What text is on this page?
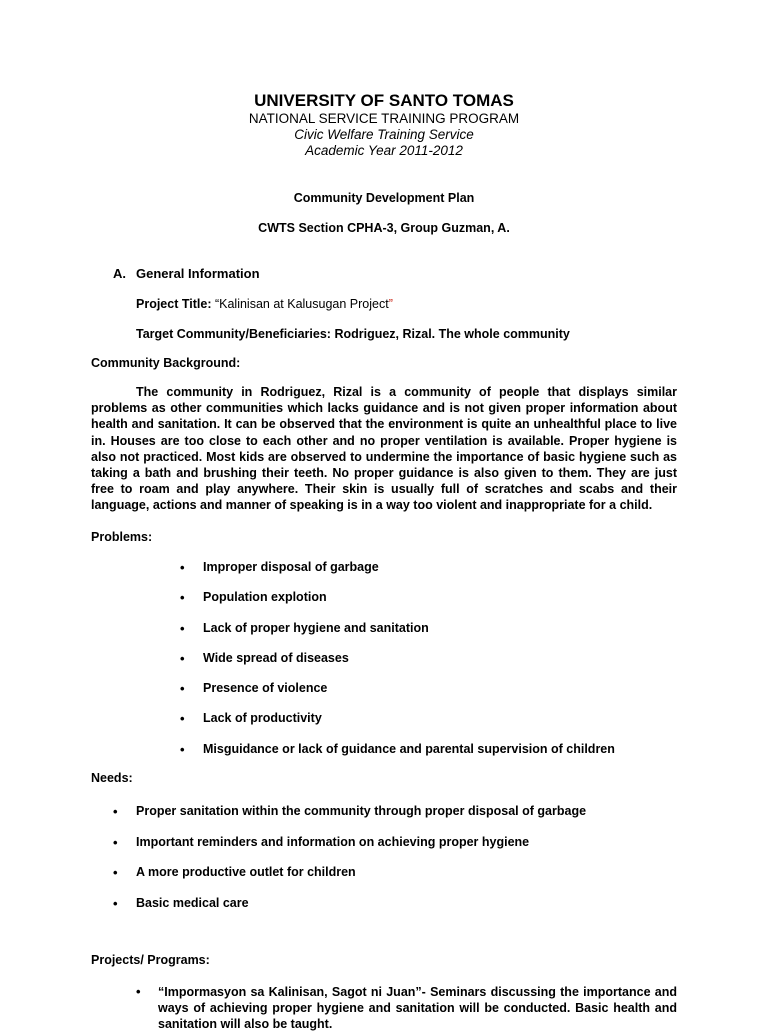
UNIVERSITY OF SANTO TOMAS
NATIONAL SERVICE TRAINING PROGRAM
Civic Welfare Training Service
Academic Year 2011-2012
Community Development Plan
CWTS Section CPHA-3, Group Guzman, A.
A. General Information
Project Title: “Kalinisan at Kalusugan Project”
Target Community/Beneficiaries: Rodriguez, Rizal. The whole community
Community Background:
The community in Rodriguez, Rizal is a community of people that displays similar problems as other communities which lacks guidance and is not given proper information about health and sanitation. It can be observed that the environment is quite an unhealthful place to live in. Houses are too close to each other and no proper ventilation is available. Proper hygiene is also not practiced. Most kids are observed to undermine the importance of basic hygiene such as taking a bath and brushing their teeth. No proper guidance is also given to them. They are just free to roam and play anywhere. Their skin is usually full of scratches and scabs and their language, actions and manner of speaking is in a way too violent and inappropriate for a child.
Problems:
• Improper disposal of garbage
• Population explotion
• Lack of proper hygiene and sanitation
• Wide spread of diseases
• Presence of violence
• Lack of productivity
• Misguidance or lack of guidance and parental supervision of children
Needs:
• Proper sanitation within the community through proper disposal of garbage
• Important reminders and information on achieving proper hygiene
• A more productive outlet for children
• Basic medical care
Projects/ Programs:
• “Impormasyon sa Kalinisan, Sagot ni Juan”- Seminars discussing the importance and ways of achieving proper hygiene and sanitation will be conducted. Basic health and sanitation will also be taught.
